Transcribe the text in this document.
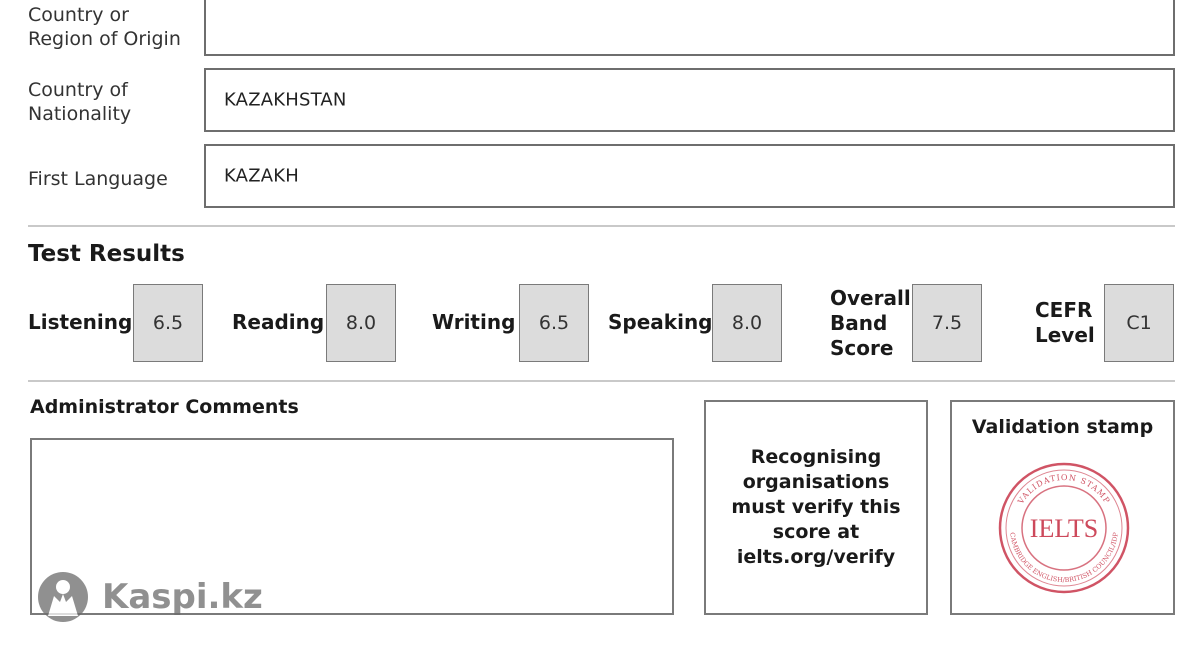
Country or
Region of Origin
Country of
Nationality
KAZAKHSTAN
First Language	KAZAKH
Test Results
Listening	6.5	Reading	8.0	Writing	6.5	Speaking	8.0
Overall
Band
Score
7.5
CEFR
Level	C1
Administrator Comments
Recognising organisations must verify this score at ielts.org/verify
Validation stamp
VALIDATION STAMP
CAMBRIDGE ENGLISH/BRITISH COUNCIL/IDP
IELTS
Kaspi.kz
